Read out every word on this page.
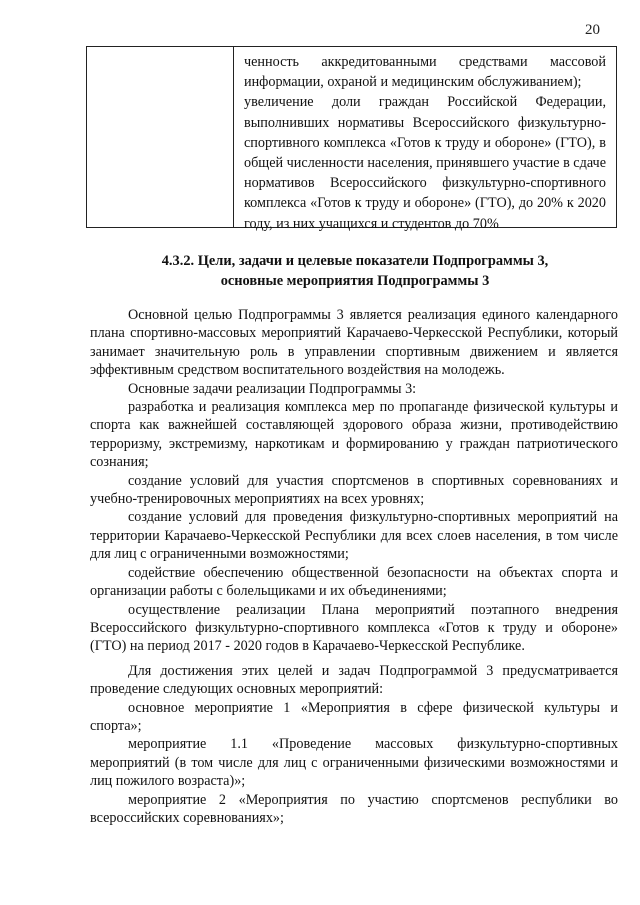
20

ченность аккредитованными средствами массовой информации, охраной и медицинским обслуживанием);

увеличение доли граждан Российской Федерации, выполнивших нормативы Всероссийского физкультурно-спортивного комплекса «Готов к труду и обороне» (ГТО), в общей численности населения, принявшего участие в сдаче нормативов Всероссийского физкультурно-спортивного комплекса «Готов к труду и обороне» (ГТО), до 20% к 2020 году, из них учащихся и студентов до 70%

4.3.2. Цели, задачи и целевые показатели Подпрограммы 3,
основные мероприятия Подпрограммы 3

Основной целью Подпрограммы 3 является реализация единого календарного плана спортивно-массовых мероприятий Карачаево-Черкесской Республики, который занимает значительную роль в управлении спортивным движением и является эффективным средством воспитательного воздействия на молодежь.

Основные задачи реализации Подпрограммы 3:

разработка и реализация комплекса мер по пропаганде физической культуры и спорта как важнейшей составляющей здорового образа жизни, противодействию терроризму, экстремизму, наркотикам и формированию у граждан патриотического сознания;

создание условий для участия спортсменов в спортивных соревнованиях и учебно-тренировочных мероприятиях на всех уровнях;

создание условий для проведения физкультурно-спортивных мероприятий на территории Карачаево-Черкесской Республики для всех слоев населения, в том числе для лиц с ограниченными возможностями;

содействие обеспечению общественной безопасности на объектах спорта и организации работы с болельщиками и их объединениями;

осуществление реализации Плана мероприятий поэтапного внедрения Всероссийского физкультурно-спортивного комплекса «Готов к труду и обороне» (ГТО) на период 2017 - 2020 годов в Карачаево-Черкесской Республике.

Для достижения этих целей и задач Подпрограммой 3 предусматривается проведение следующих основных мероприятий:

основное мероприятие 1 «Мероприятия в сфере физической культуры и спорта»;

мероприятие 1.1 «Проведение массовых физкультурно-спортивных мероприятий (в том числе для лиц с ограниченными физическими возможностями и лиц пожилого возраста)»;

мероприятие 2 «Мероприятия по участию спортсменов республики во всероссийских соревнованиях»;
